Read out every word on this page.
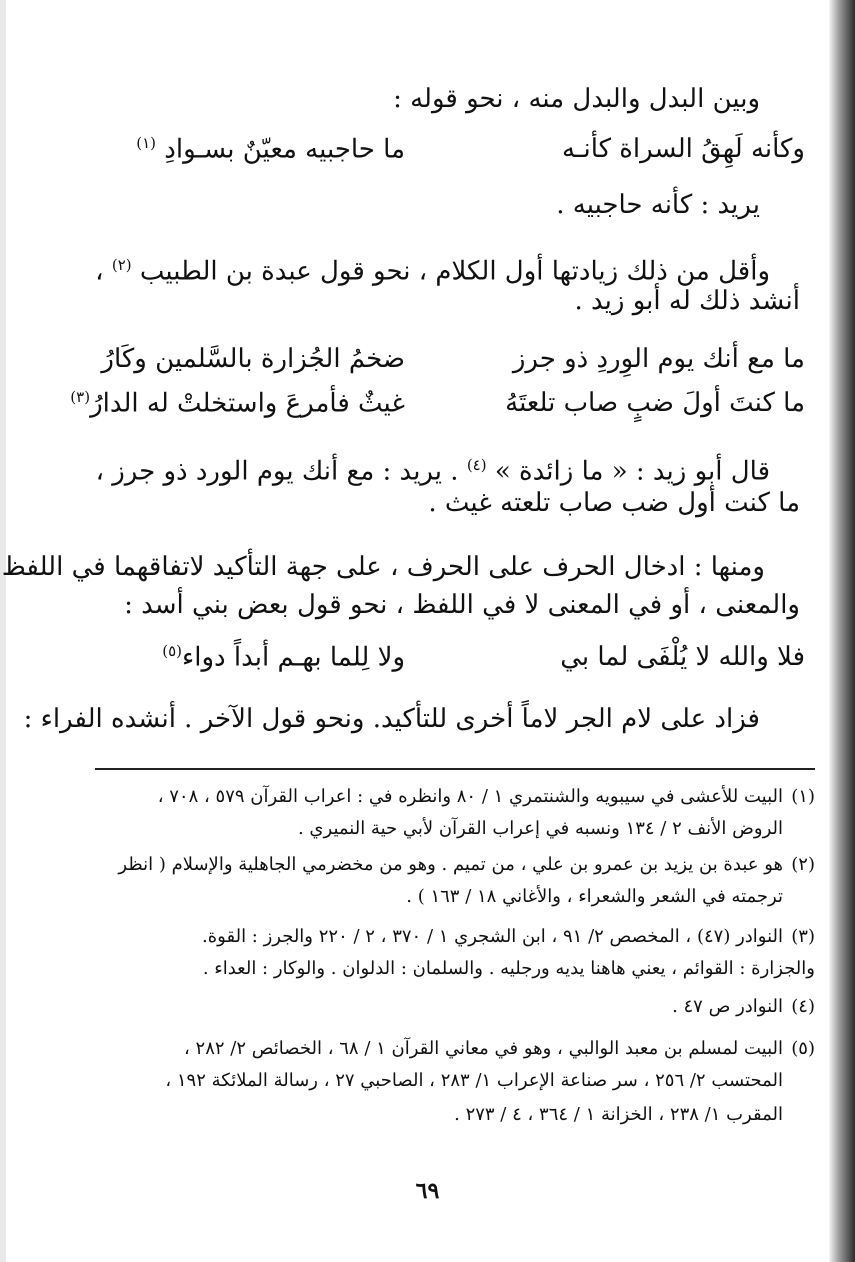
وبين البدل والبدل منه ، نحو قوله :
وكأنه لَهِقُ السراة كأنـه
ما حاجبيه معيّنٌ بسـوادِ $^{(١)}$
يريد : كأنه حاجبيه .
وأقل من ذلك زيادتها أول الكلام ، نحو قول عبدة بن الطبيب $^{(٢)}$ ،
أنشد ذلك له أبو زيد .
ما مع أنك يوم الوِردِ ذو جرز
ضخمُ الجُزارة بالسَّلمين وكَارُ
ما كنتَ أولَ ضبٍ صاب تلعتَهُ
غيثٌ فأمرعَ واستخلتْ له الدارُ$^{(٣)}$
قال أبو زيد : « ما زائدة » $^{(٤)}$ . يريد : مع أنك يوم الورد ذو جرز ،
ما كنت أول ضب صاب تلعته غيث .
ومنها : ادخال الحرف على الحرف ، على جهة التأكيد لاتفاقهما في اللفظ
والمعنى ، أو في المعنى لا في اللفظ ، نحو قول بعض بني أسد :
فلا والله لا يُلْفَى لما بي
ولا لِلما بهـم أبداً دواء$^{(٥)}$
فزاد على لام الجر لاماً أخرى للتأكيد. ونحو قول الآخر . أنشده الفراء :
(١)البيت للأعشى في سيبويه والشنتمري ١ / ٨٠ وانظره في : اعراب القرآن ٥٧٩ ، ٧٠٨ ،
الروض الأنف ٢ / ١٣٤ ونسبه في إعراب القرآن لأبي حية النميري .
(٢)هو عبدة بن يزيد بن عمرو بن علي ، من تميم . وهو من مخضرمي الجاهلية والإسلام ( انظر
ترجمته في الشعر والشعراء ، والأغاني ١٨ / ١٦٣ ) .
(٣)النوادر (٤٧) ، المخصص ٢/ ٩١ ، ابن الشجري ١ / ٣٧٠ ، ٢ / ٢٢٠ والجرز : القوة.
والجزارة : القوائم ، يعني هاهنا يديه ورجليه . والسلمان : الدلوان . والوكار : العداء .
(٤)النوادر ص ٤٧ .
(٥)البيت لمسلم بن معبد الوالبي ، وهو في معاني القرآن ١ / ٦٨ ، الخصائص ٢/ ٢٨٢ ،
المحتسب ٢/ ٢٥٦ ، سر صناعة الإعراب ١/ ٢٨٣ ، الصاحبي ٢٧ ، رسالة الملائكة ١٩٢ ،
المقرب ١/ ٢٣٨ ، الخزانة ١ / ٣٦٤ ، ٤ / ٢٧٣ .
٦٩
